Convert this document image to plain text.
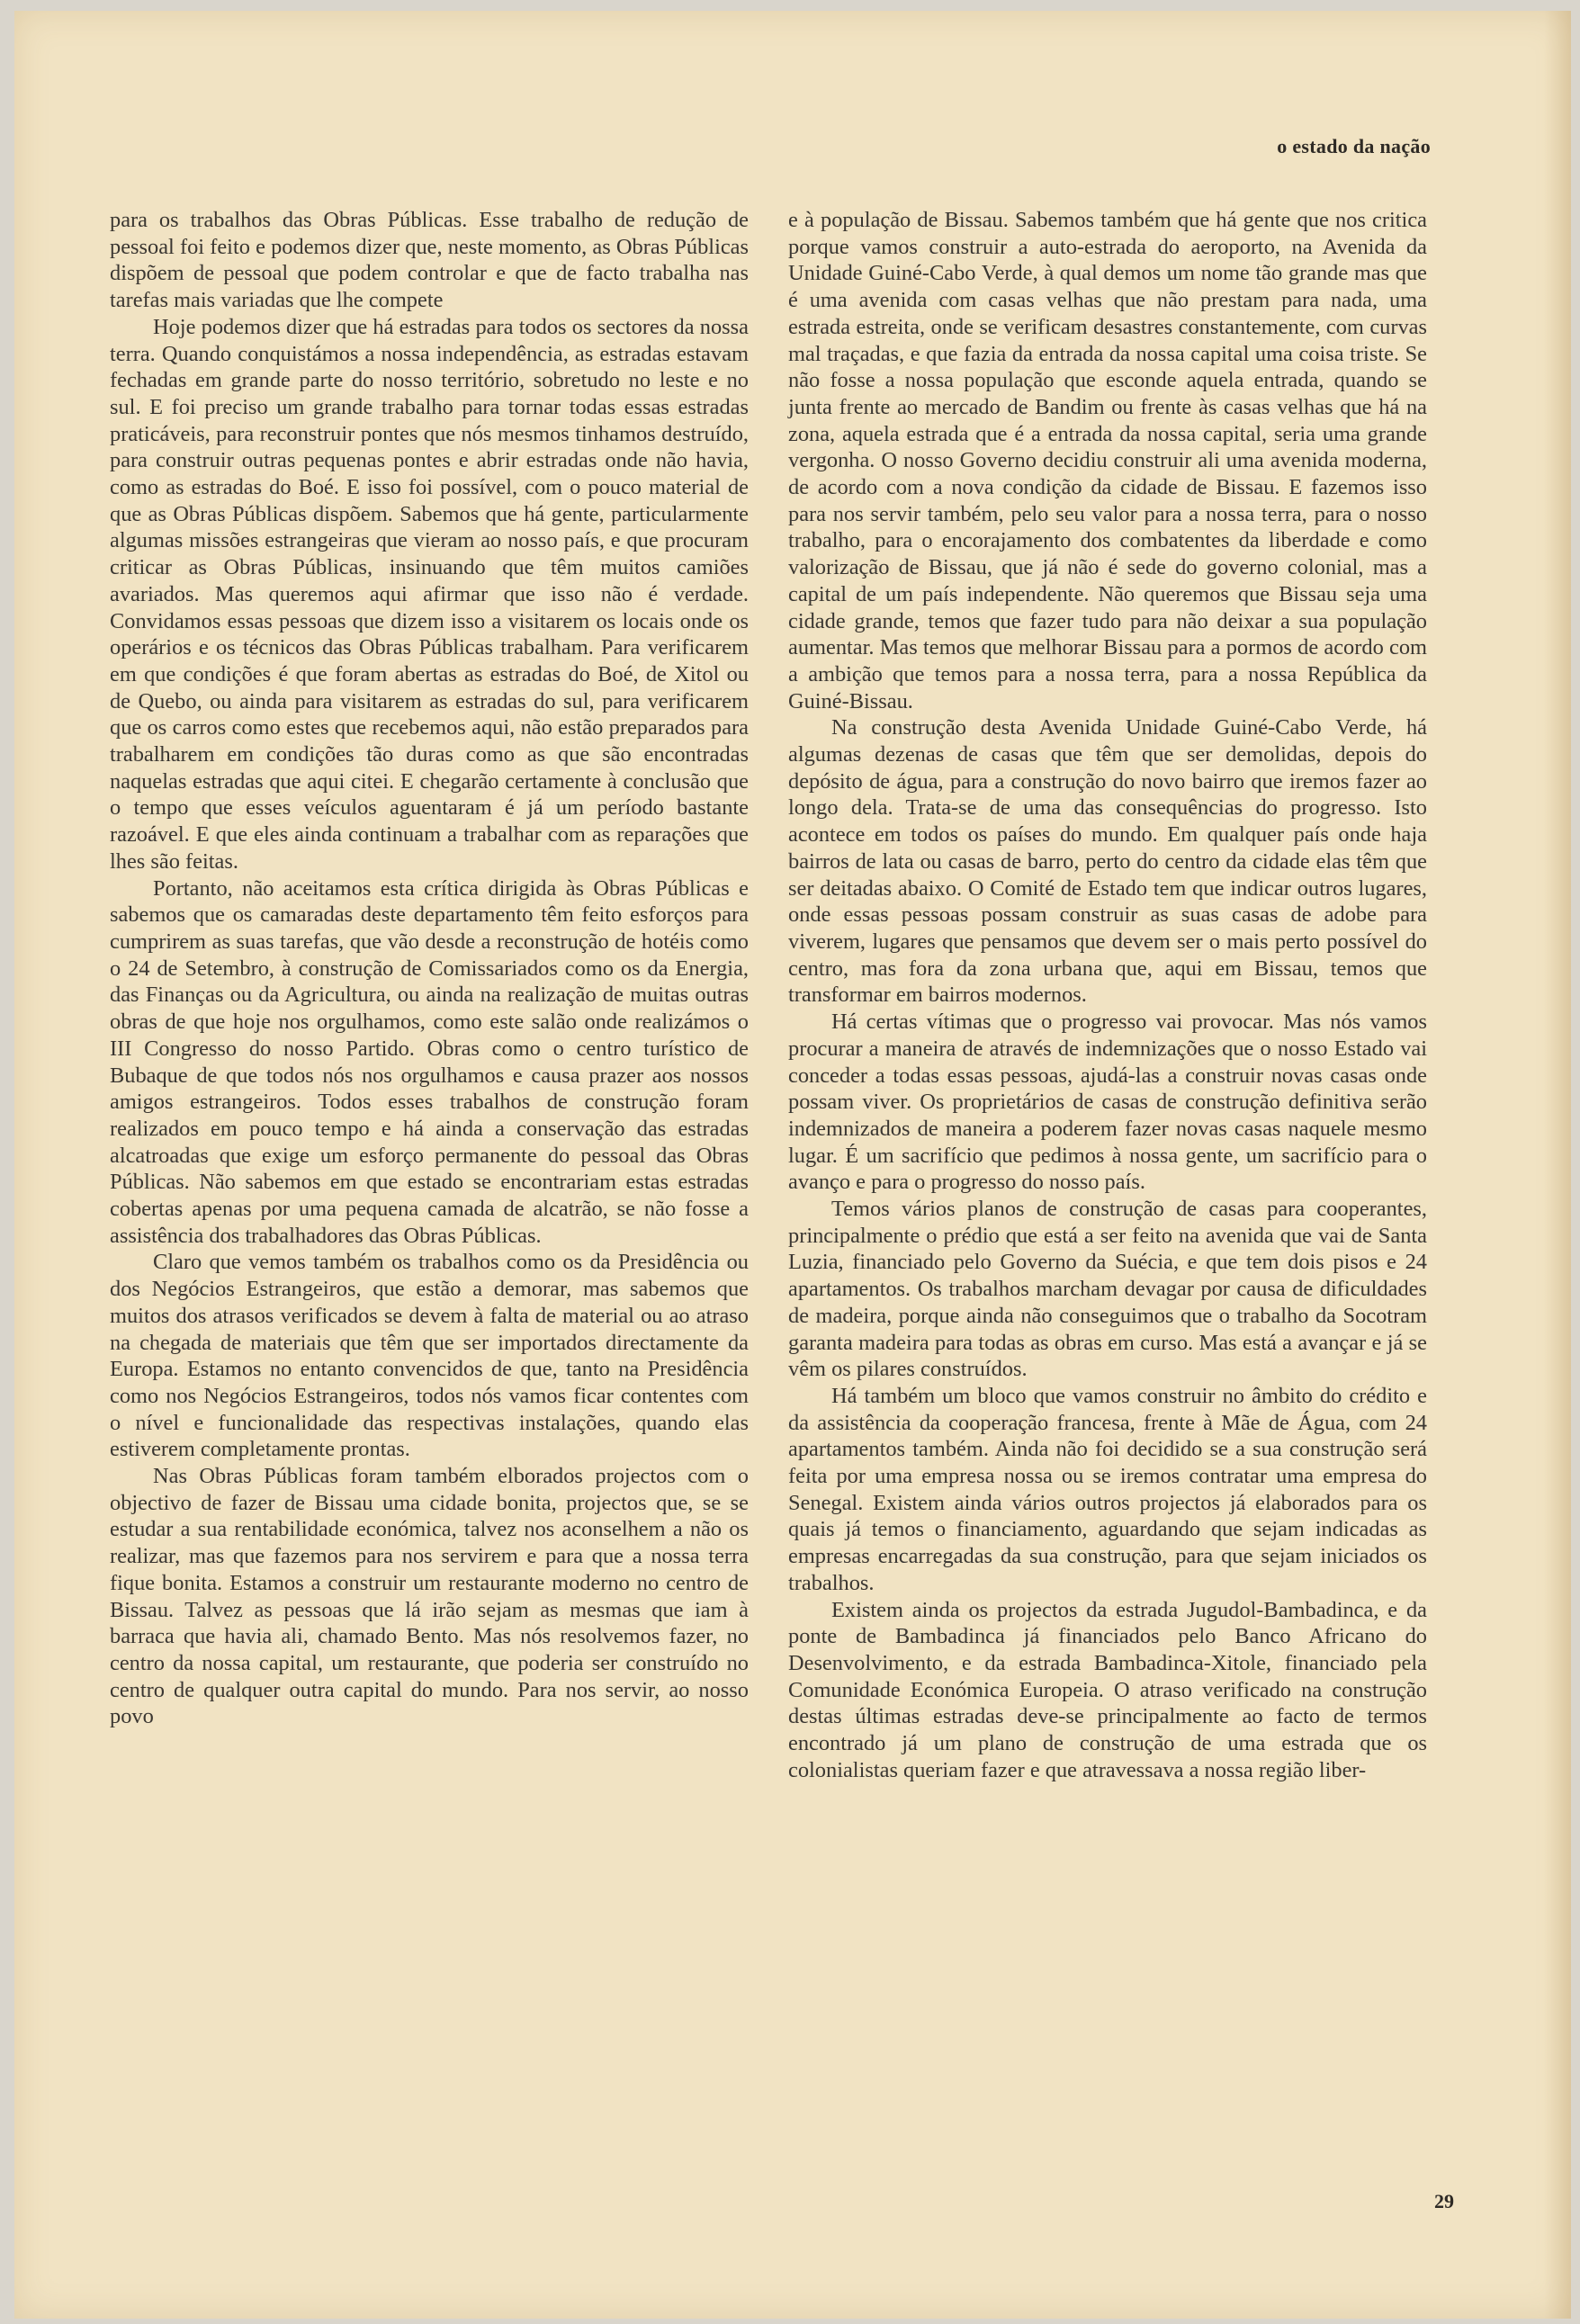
o estado da nação

para os trabalhos das Obras Públicas. Esse trabalho de redução de pessoal foi feito e podemos dizer que, neste momento, as Obras Públicas dispõem de pessoal que podem controlar e que de facto trabalha nas tarefas mais variadas que lhe compete

Hoje podemos dizer que há estradas para todos os sectores da nossa terra. Quando conquistámos a nossa independência, as estradas estavam fechadas em grande parte do nosso território, sobretudo no leste e no sul. E foi preciso um grande trabalho para tornar todas essas estradas praticáveis, para reconstruir pontes que nós mesmos tinhamos destruído, para construir outras pequenas pontes e abrir estradas onde não havia, como as estradas do Boé. E isso foi possível, com o pouco material de que as Obras Públicas dispõem. Sabemos que há gente, particularmente algumas missões estrangeiras que vieram ao nosso país, e que procuram criticar as Obras Públicas, insinuando que têm muitos camiões avariados. Mas queremos aqui afirmar que isso não é verdade. Convidamos essas pessoas que dizem isso a visitarem os locais onde os operários e os técnicos das Obras Públicas trabalham. Para verificarem em que condições é que foram abertas as estradas do Boé, de Xitol ou de Quebo, ou ainda para visitarem as estradas do sul, para verificarem que os carros como estes que recebemos aqui, não estão preparados para trabalharem em condições tão duras como as que são encontradas naquelas estradas que aqui citei. E chegarão certamente à conclusão que o tempo que esses veículos aguentaram é já um período bastante razoável. E que eles ainda continuam a trabalhar com as reparações que lhes são feitas.

Portanto, não aceitamos esta crítica dirigida às Obras Públicas e sabemos que os camaradas deste departamento têm feito esforços para cumprirem as suas tarefas, que vão desde a reconstrução de hotéis como o 24 de Setembro, à construção de Comissariados como os da Energia, das Finanças ou da Agricultura, ou ainda na realização de muitas outras obras de que hoje nos orgulhamos, como este salão onde realizámos o III Congresso do nosso Partido. Obras como o centro turístico de Bubaque de que todos nós nos orgulhamos e causa prazer aos nossos amigos estrangeiros. Todos esses trabalhos de construção foram realizados em pouco tempo e há ainda a conservação das estradas alcatroadas que exige um esforço permanente do pessoal das Obras Públicas. Não sabemos em que estado se encontrariam estas estradas cobertas apenas por uma pequena camada de alcatrão, se não fosse a assistência dos trabalhadores das Obras Públicas.

Claro que vemos também os trabalhos como os da Presidência ou dos Negócios Estrangeiros, que estão a demorar, mas sabemos que muitos dos atrasos verificados se devem à falta de material ou ao atraso na chegada de materiais que têm que ser importados directamente da Europa. Estamos no entanto convencidos de que, tanto na Presidência como nos Negócios Estrangeiros, todos nós vamos ficar contentes com o nível e funcionalidade das respectivas instalações, quando elas estiverem completamente prontas.

Nas Obras Públicas foram também elborados projectos com o objectivo de fazer de Bissau uma cidade bonita, projectos que, se se estudar a sua rentabilidade económica, talvez nos aconselhem a não os realizar, mas que fazemos para nos servirem e para que a nossa terra fique bonita. Estamos a construir um restaurante moderno no centro de Bissau. Talvez as pessoas que lá irão sejam as mesmas que iam à barraca que havia ali, chamado Bento. Mas nós resolvemos fazer, no centro da nossa capital, um restaurante, que poderia ser construído no centro de qualquer outra capital do mundo. Para nos servir, ao nosso povo

e à população de Bissau. Sabemos também que há gente que nos critica porque vamos construir a auto-estrada do aeroporto, na Avenida da Unidade Guiné-Cabo Verde, à qual demos um nome tão grande mas que é uma avenida com casas velhas que não prestam para nada, uma estrada estreita, onde se verificam desastres constantemente, com curvas mal traçadas, e que fazia da entrada da nossa capital uma coisa triste. Se não fosse a nossa população que esconde aquela entrada, quando se junta frente ao mercado de Bandim ou frente às casas velhas que há na zona, aquela estrada que é a entrada da nossa capital, seria uma grande vergonha. O nosso Governo decidiu construir ali uma avenida moderna, de acordo com a nova condição da cidade de Bissau. E fazemos isso para nos servir também, pelo seu valor para a nossa terra, para o nosso trabalho, para o encorajamento dos combatentes da liberdade e como valorização de Bissau, que já não é sede do governo colonial, mas a capital de um país independente. Não queremos que Bissau seja uma cidade grande, temos que fazer tudo para não deixar a sua população aumentar. Mas temos que melhorar Bissau para a pormos de acordo com a ambição que temos para a nossa terra, para a nossa República da Guiné-Bissau.

Na construção desta Avenida Unidade Guiné-Cabo Verde, há algumas dezenas de casas que têm que ser demolidas, depois do depósito de água, para a construção do novo bairro que iremos fazer ao longo dela. Trata-se de uma das consequências do progresso. Isto acontece em todos os países do mundo. Em qualquer país onde haja bairros de lata ou casas de barro, perto do centro da cidade elas têm que ser deitadas abaixo. O Comité de Estado tem que indicar outros lugares, onde essas pessoas possam construir as suas casas de adobe para viverem, lugares que pensamos que devem ser o mais perto possível do centro, mas fora da zona urbana que, aqui em Bissau, temos que transformar em bairros modernos.

Há certas vítimas que o progresso vai provocar. Mas nós vamos procurar a maneira de através de indemnizações que o nosso Estado vai conceder a todas essas pessoas, ajudá-las a construir novas casas onde possam viver. Os proprietários de casas de construção definitiva serão indemnizados de maneira a poderem fazer novas casas naquele mesmo lugar. É um sacrifício que pedimos à nossa gente, um sacrifício para o avanço e para o progresso do nosso país.

Temos vários planos de construção de casas para cooperantes, principalmente o prédio que está a ser feito na avenida que vai de Santa Luzia, financiado pelo Governo da Suécia, e que tem dois pisos e 24 apartamentos. Os trabalhos marcham devagar por causa de dificuldades de madeira, porque ainda não conseguimos que o trabalho da Socotram garanta madeira para todas as obras em curso. Mas está a avançar e já se vêm os pilares construídos.

Há também um bloco que vamos construir no âmbito do crédito e da assistência da cooperação francesa, frente à Mãe de Água, com 24 apartamentos também. Ainda não foi decidido se a sua construção será feita por uma empresa nossa ou se iremos contratar uma empresa do Senegal. Existem ainda vários outros projectos já elaborados para os quais já temos o financiamento, aguardando que sejam indicadas as empresas encarregadas da sua construção, para que sejam iniciados os trabalhos.

Existem ainda os projectos da estrada Jugudol-Bambadinca, e da ponte de Bambadinca já financiados pelo Banco Africano do Desenvolvimento, e da estrada Bambadinca-Xitole, financiado pela Comunidade Económica Europeia. O atraso verificado na construção destas últimas estradas deve-se principalmente ao facto de termos encontrado já um plano de construção de uma estrada que os colonialistas queriam fazer e que atravessava a nossa região liber-

29
